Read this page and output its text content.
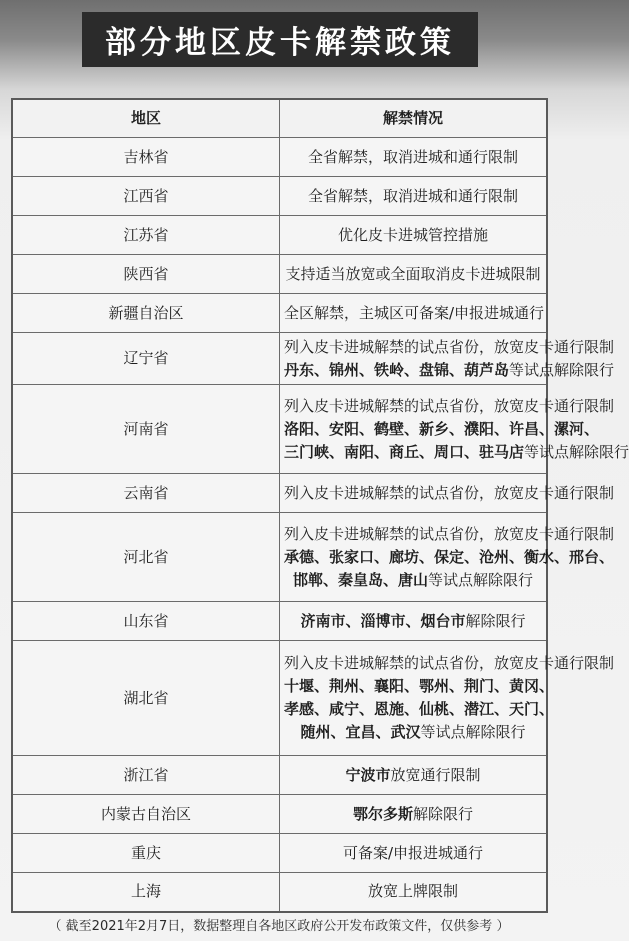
部分地区皮卡解禁政策
地区	解禁情况
吉林省	全省解禁，取消进城和通行限制

江西省	全省解禁，取消进城和通行限制

江苏省	优化皮卡进城管控措施

陕西省	支持适当放宽或全面取消皮卡进城限制

新疆自治区	全区解禁，主城区可备案/申报进城通行

辽宁省	列入皮卡进城解禁的试点省份，放宽皮卡通行限制
丹东、锦州、铁岭、盘锦、葫芦岛等试点解除限行

河南省	列入皮卡进城解禁的试点省份，放宽皮卡通行限制
洛阳、安阳、鹤壁、新乡、濮阳、许昌、漯河、
三门峡、南阳、商丘、周口、驻马店等试点解除限行

云南省	列入皮卡进城解禁的试点省份，放宽皮卡通行限制

河北省	列入皮卡进城解禁的试点省份，放宽皮卡通行限制
承德、张家口、廊坊、保定、沧州、衡水、邢台、
邯郸、秦皇岛、唐山等试点解除限行

山东省	济南市、淄博市、烟台市解除限行

湖北省	列入皮卡进城解禁的试点省份，放宽皮卡通行限制
十堰、荆州、襄阳、鄂州、荆门、黄冈、
孝感、咸宁、恩施、仙桃、潜江、天门、
随州、宜昌、武汉等试点解除限行

浙江省	宁波市放宽通行限制

内蒙古自治区	鄂尔多斯解除限行

重庆	可备案/申报进城通行

上海	放宽上牌限制
（ 截至2021年2月7日，数据整理自各地区政府公开发布政策文件，仅供参考 ）
